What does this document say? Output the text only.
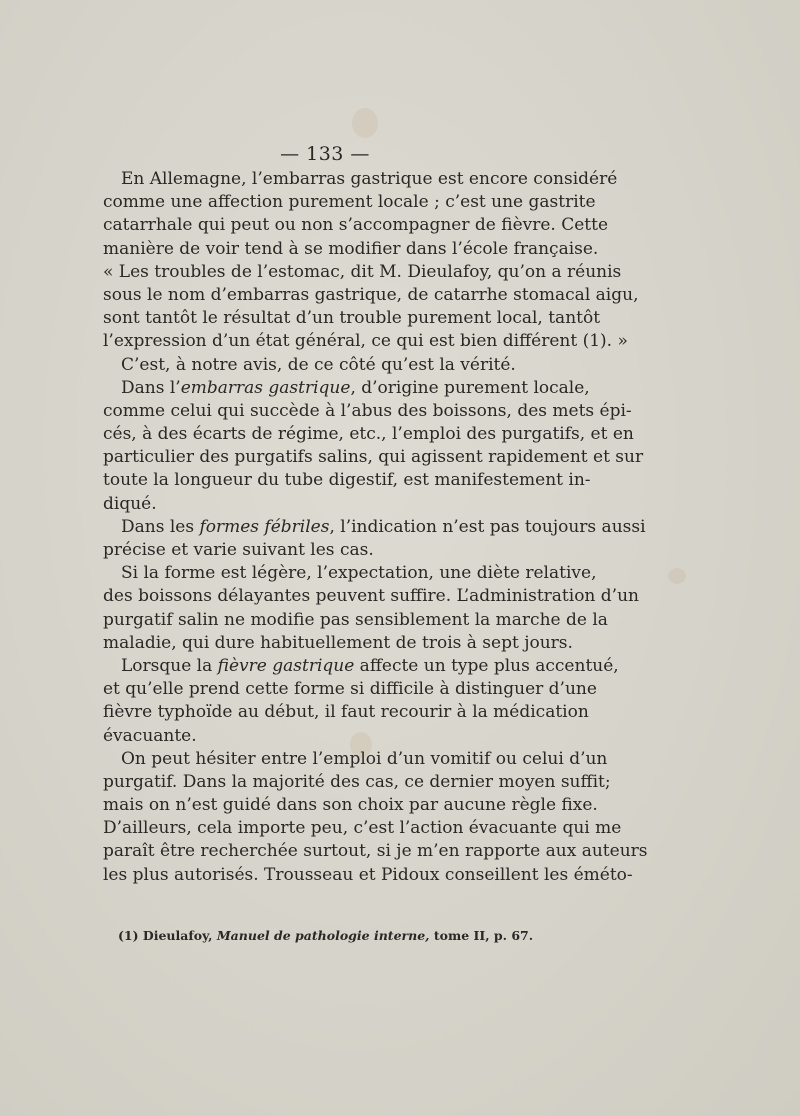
— 133 —
En Allemagne, l’embarras gastrique est encore considéré
comme une affection purement locale ; c’est une gastrite
catarrhale qui peut ou non s’accompagner de fièvre. Cette
manière de voir tend à se modifier dans l’école française.
« Les troubles de l’estomac, dit M. Dieulafoy, qu’on a réunis
sous le nom d’embarras gastrique, de catarrhe stomacal aigu,
sont tantôt le résultat d’un trouble purement local, tantôt
l’expression d’un état général, ce qui est bien différent (1). »
C’est, à notre avis, de ce côté qu’est la vérité.
Dans l’embarras gastrique, d’origine purement locale,
comme celui qui succède à l’abus des boissons, des mets épi-
cés, à des écarts de régime, etc., l’emploi des purgatifs, et en
particulier des purgatifs salins, qui agissent rapidement et sur
toute la longueur du tube digestif, est manifestement in-
diqué.
Dans les formes fébriles, l’indication n’est pas toujours aussi
précise et varie suivant les cas.
Si la forme est légère, l’expectation, une diète relative,
des boissons délayantes peuvent suffire. L’administration d’un
purgatif salin ne modifie pas sensiblement la marche de la
maladie, qui dure habituellement de trois à sept jours.
Lorsque la fièvre gastrique affecte un type plus accentué,
et qu’elle prend cette forme si difficile à distinguer d’une
fièvre typhoïde au début, il faut recourir à la médication
évacuante.
On peut hésiter entre l’emploi d’un vomitif ou celui d’un
purgatif. Dans la majorité des cas, ce dernier moyen suffit;
mais on n’est guidé dans son choix par aucune règle fixe.
D’ailleurs, cela importe peu, c’est l’action évacuante qui me
paraît être recherchée surtout, si je m’en rapporte aux auteurs
les plus autorisés. Trousseau et Pidoux conseillent les éméto-
(1) Dieulafoy, Manuel de pathologie interne, tome II, p. 67.
